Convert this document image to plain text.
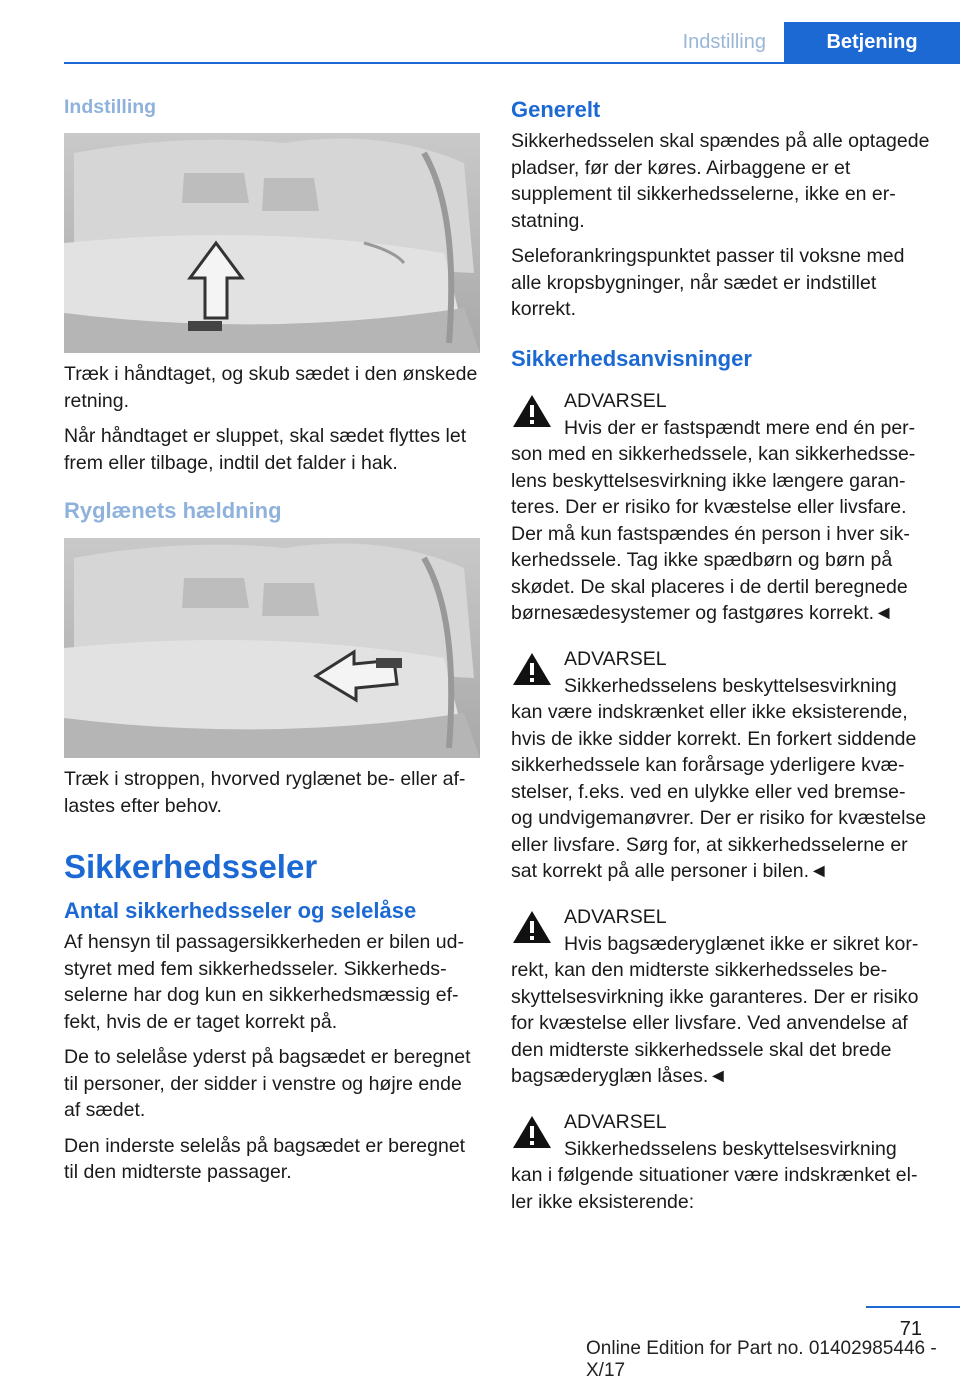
Indstilling	Betjening
Indstilling

Træk i håndtaget, og skub sædet i den ønskede retning.

Når håndtaget er sluppet, skal sædet flyttes let frem eller tilbage, indtil det falder i hak.

Ryglænets hældning

Træk i stroppen, hvorved ryglænet be- eller aflastes efter behov.

Sikkerhedsseler
Antal sikkerhedsseler og selelåse

Af hensyn til passagersikkerheden er bilen udstyret med fem sikkerhedsseler. Sikkerhedsselerne har dog kun en sikkerhedsmæssig effekt, hvis de er taget korrekt på.

De to selelåse yderst på bagsædet er beregnet til personer, der sidder i venstre og højre ende af sædet.

Den inderste selelås på bagsædet er beregnet til den midterste passager.

Generelt

Sikkerhedsselen skal spændes på alle optagede pladser, før der køres. Airbaggene er et supplement til sikkerhedsselerne, ikke en erstatning.

Seleforankringspunktet passer til voksne med alle kropsbygninger, når sædet er indstillet korrekt.

Sikkerhedsanvisninger

ADVARSEL

Hvis der er fastspændt mere end én person med en sikkerhedssele, kan sikkerhedsselens beskyttelsesvirkning ikke længere garanteres. Der er risiko for kvæstelse eller livsfare. Der må kun fastspændes én person i hver sikkerhedssele. Tag ikke spædbørn og børn på skødet. De skal placeres i de dertil beregnede børnesædesystemer og fastgøres korrekt.◄

ADVARSEL

Sikkerhedsselens beskyttelsesvirkning kan være indskrænket eller ikke eksisterende, hvis de ikke sidder korrekt. En forkert siddende sikkerhedssele kan forårsage yderligere kvæstelser, f.eks. ved en ulykke eller ved bremse- og undvigemanøvrer. Der er risiko for kvæstelse eller livsfare. Sørg for, at sikkerhedsselerne er sat korrekt på alle personer i bilen.◄

ADVARSEL

Hvis bagsæderyglænet ikke er sikret korrekt, kan den midterste sikkerhedsseles beskyttelsesvirkning ikke garanteres. Der er risiko for kvæstelse eller livsfare. Ved anvendelse af den midterste sikkerhedssele skal det brede bagsæderyglæn låses.◄

ADVARSEL

Sikkerhedsselens beskyttelsesvirkning kan i følgende situationer være indskrænket eller ikke eksisterende:

71
Online Edition for Part no. 01402985446 - X/17
